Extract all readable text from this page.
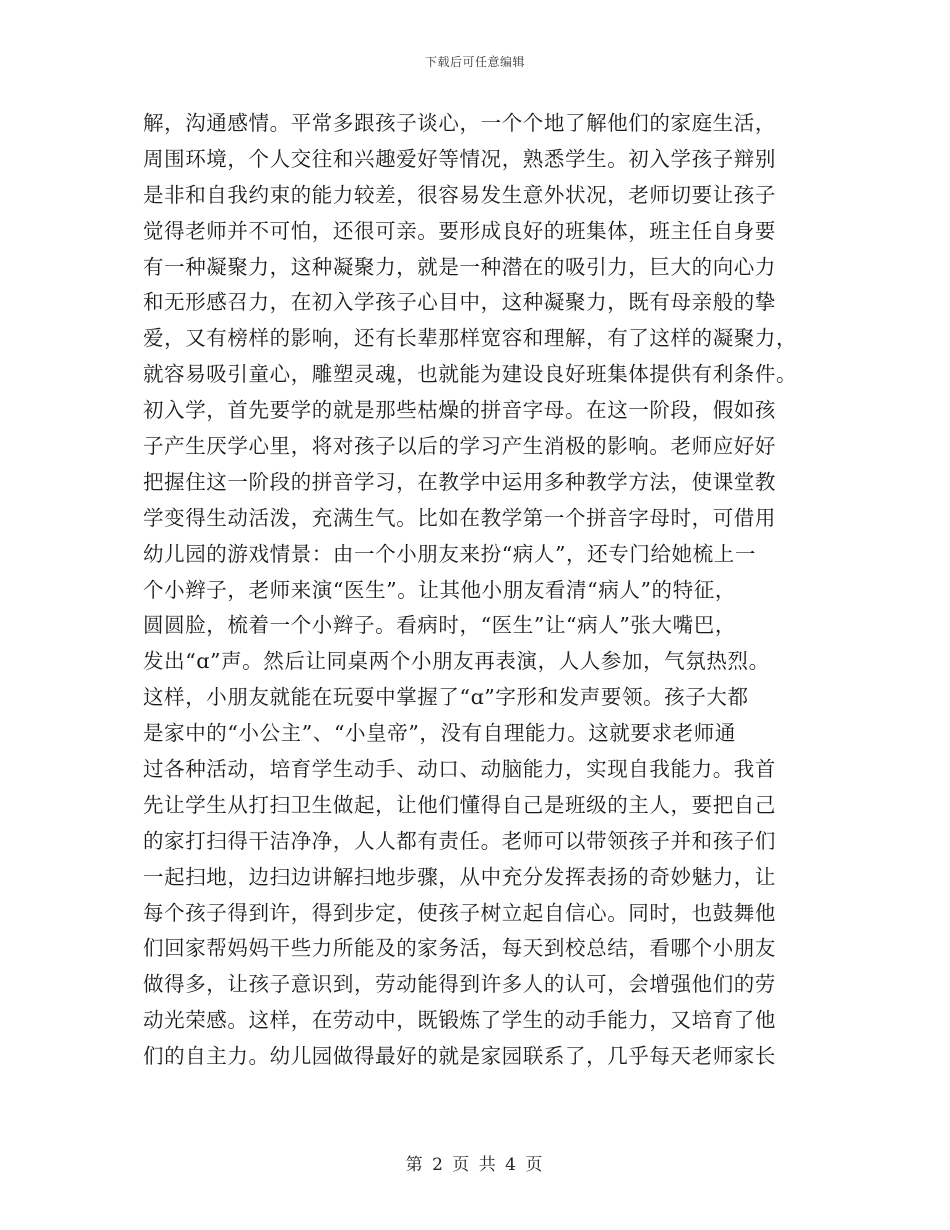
下载后可任意编辑
解，沟通感情。平常多跟孩子谈心，一个个地了解他们的家庭生活，
周围环境，个人交往和兴趣爱好等情况，熟悉学生。初入学孩子辩别
是非和自我约束的能力较差，很容易发生意外状况，老师切要让孩子
觉得老师并不可怕，还很可亲。要形成良好的班集体，班主任自身要
有一种凝聚力，这种凝聚力，就是一种潜在的吸引力，巨大的向心力
和无形感召力，在初入学孩子心目中，这种凝聚力，既有母亲般的挚
爱，又有榜样的影响，还有长辈那样宽容和理解，有了这样的凝聚力，
就容易吸引童心，雕塑灵魂，也就能为建设良好班集体提供有利条件。
初入学，首先要学的就是那些枯燥的拼音字母。在这一阶段，假如孩
子产生厌学心里，将对孩子以后的学习产生消极的影响。老师应好好
把握住这一阶段的拼音学习，在教学中运用多种教学方法，使课堂教
学变得生动活泼，充满生气。比如在教学第一个拼音字母时，可借用
幼儿园的游戏情景：由一个小朋友来扮“病人”，还专门给她梳上一
个小辫子，老师来演“医生”。让其他小朋友看清“病人”的特征，
圆圆脸，梳着一个小辫子。看病时，“医生”让“病人”张大嘴巴，
发出“ɑ”声。然后让同桌两个小朋友再表演，人人参加，气氛热烈。
这样，小朋友就能在玩耍中掌握了“ɑ”字形和发声要领。孩子大都
是家中的“小公主”、“小皇帝”，没有自理能力。这就要求老师通
过各种活动，培育学生动手、动口、动脑能力，实现自我能力。我首
先让学生从打扫卫生做起，让他们懂得自己是班级的主人，要把自己
的家打扫得干洁净净，人人都有责任。老师可以带领孩子并和孩子们
一起扫地，边扫边讲解扫地步骤，从中充分发挥表扬的奇妙魅力，让
每个孩子得到许，得到步定，使孩子树立起自信心。同时，也鼓舞他
们回家帮妈妈干些力所能及的家务活，每天到校总结，看哪个小朋友
做得多，让孩子意识到，劳动能得到许多人的认可，会增强他们的劳
动光荣感。这样，在劳动中，既锻炼了学生的动手能力，又培育了他
们的自主力。幼儿园做得最好的就是家园联系了，几乎每天老师家长
第 2 页 共 4 页
